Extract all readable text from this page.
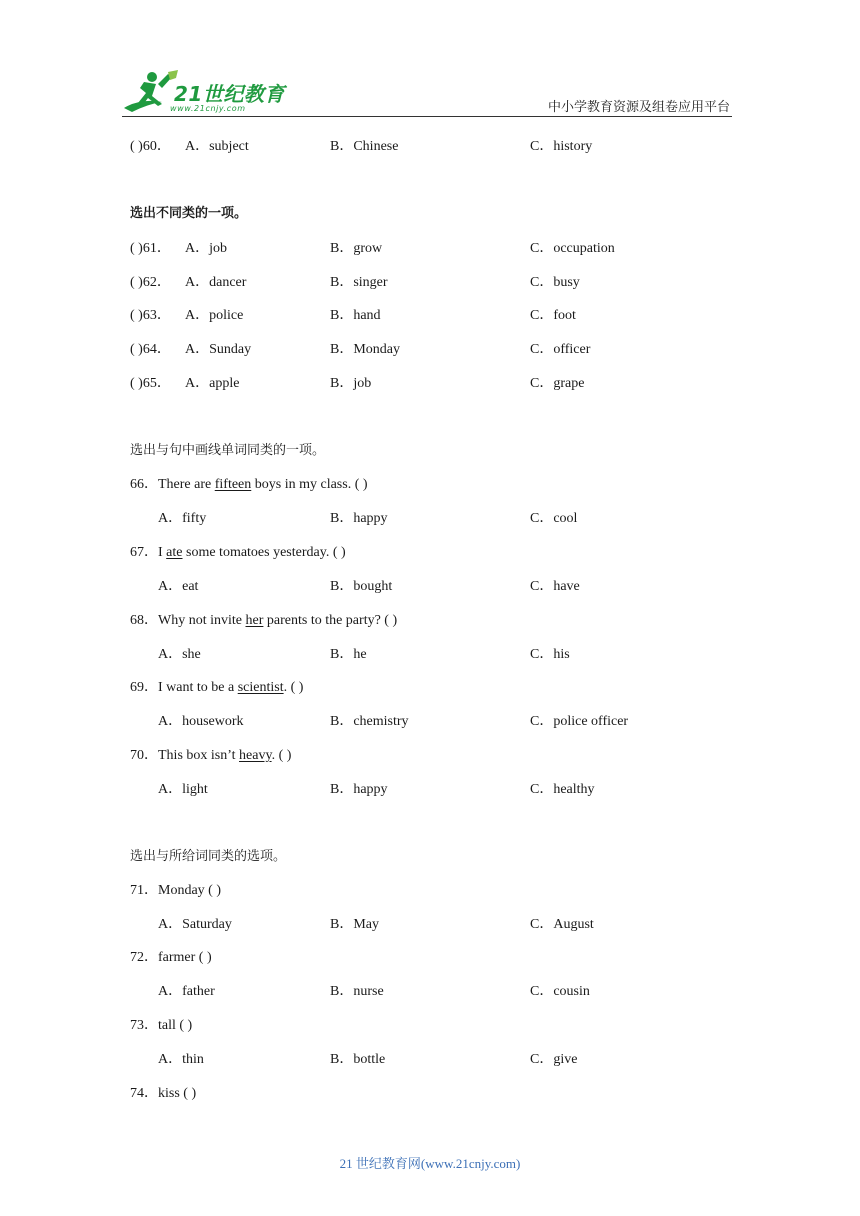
21世纪教育
www.21cnjy.com	中小学教育资源及组卷应用平台
( )60． A．subject	B．Chinese	C．history
选出不同类的一项。
( )61． A．job	B．grow	C．occupation
( )62． A．dancer	B．singer	C．busy
( )63． A．police	B．hand	C．foot
( )64． A．Sunday	B．Monday	C．officer
( )65． A．apple	B．job	C．grape
选出与句中画线单词同类的一项。
66．There are fifteen boys in my class. ( )
A．fifty	B．happy	C．cool
67．I ate some tomatoes yesterday. ( )
A．eat	B．bought	C．have
68．Why not invite her parents to the party? ( )
A．she	B．he	C．his
69．I want to be a scientist. ( )
A．housework	B．chemistry	C．police officer
70．This box isn’t heavy. ( )
A．light	B．happy	C．healthy
选出与所给词同类的选项。
71．Monday ( )
A．Saturday	B．May	C．August
72．farmer ( )
A．father	B．nurse	C．cousin
73．tall ( )
A．thin	B．bottle	C．give
74．kiss ( )
21 世纪教育网(www.21cnjy.com)
